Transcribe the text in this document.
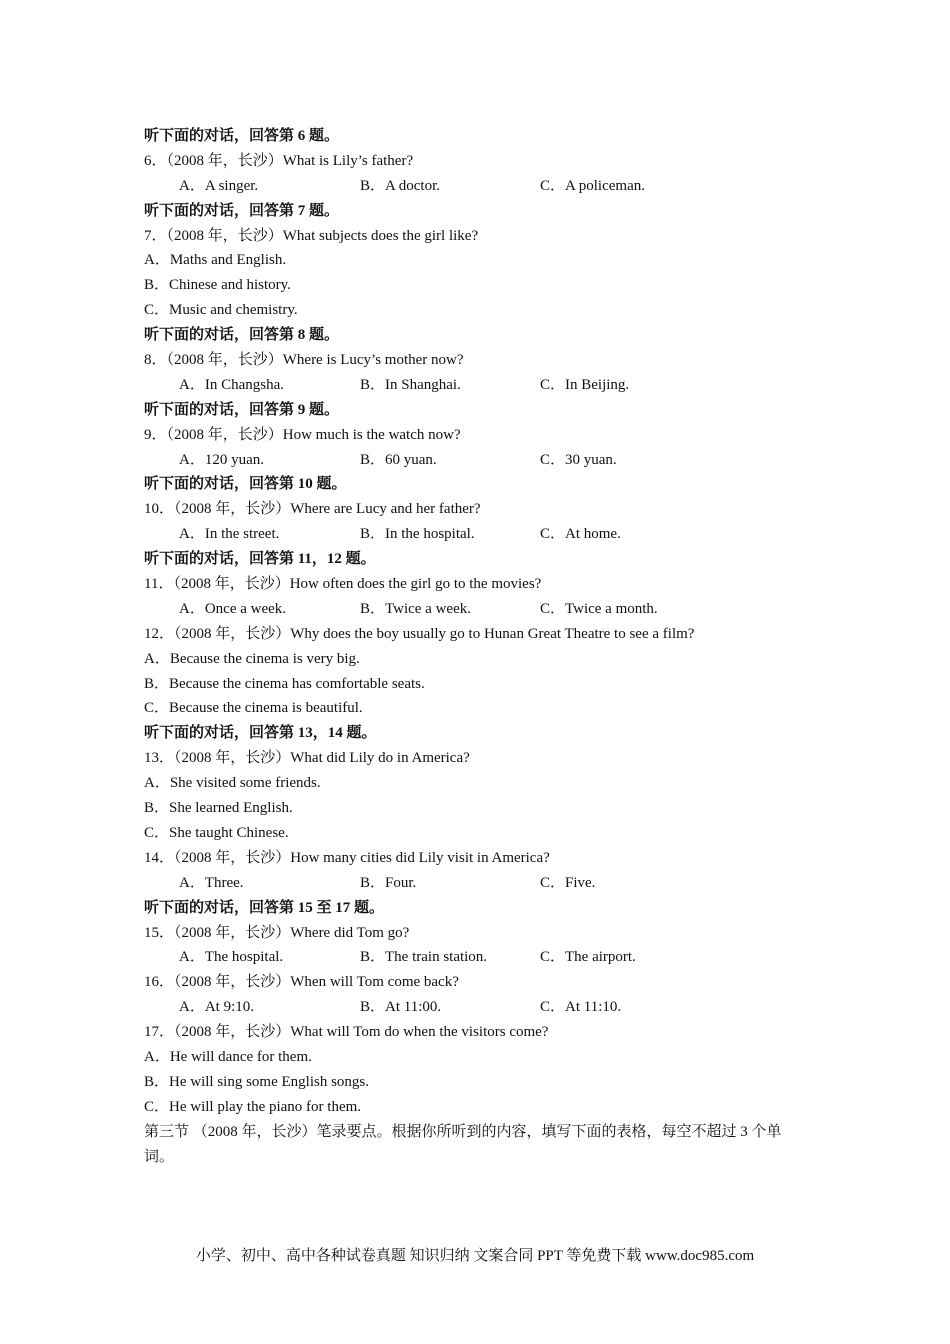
听下面的对话，回答第 6 题。
6．（2008 年，长沙）What is Lily’s father?
A．A singer.	B．A doctor.	C．A policeman.
听下面的对话，回答第 7 题。
7．（2008 年，长沙）What subjects does the girl like?
A．Maths and English.
B．Chinese and history.
C．Music and chemistry.
听下面的对话，回答第 8 题。
8．（2008 年，长沙）Where is Lucy’s mother now?
A．In Changsha.	B．In Shanghai.	C．In Beijing.
听下面的对话，回答第 9 题。
9．（2008 年，长沙）How much is the watch now?
A．120 yuan.	B．60 yuan.	C．30 yuan.
听下面的对话，回答第 10 题。
10．（2008 年，长沙）Where are Lucy and her father?
A．In the street.	B．In the hospital.	C．At home.
听下面的对话，回答第 11，12 题。
11．（2008 年，长沙）How often does the girl go to the movies?
A．Once a week.	B．Twice a week.	C．Twice a month.
12．（2008 年，长沙）Why does the boy usually go to Hunan Great Theatre to see a film?
A．Because the cinema is very big.
B．Because the cinema has comfortable seats.
C．Because the cinema is beautiful.
听下面的对话，回答第 13，14 题。
13．（2008 年，长沙）What did Lily do in America?
A．She visited some friends.
B．She learned English.
C．She taught Chinese.
14．（2008 年，长沙）How many cities did Lily visit in America?
A．Three.	B．Four.	C．Five.
听下面的对话，回答第 15 至 17 题。
15．（2008 年，长沙）Where did Tom go?
A．The hospital.	B．The train station.	C．The airport.
16．（2008 年，长沙）When will Tom come back?
A．At 9:10.	B．At 11:00.	C．At 11:10.
17．（2008 年，长沙）What will Tom do when the visitors come?
A．He will dance for them.
B．He will sing some English songs.
C．He will play the piano for them.
第三节 （2008 年，长沙）笔录要点。根据你所听到的内容，填写下面的表格，每空不超过 3 个单词。
小学、初中、高中各种试卷真题 知识归纳 文案合同 PPT 等免费下载 www.doc985.com
